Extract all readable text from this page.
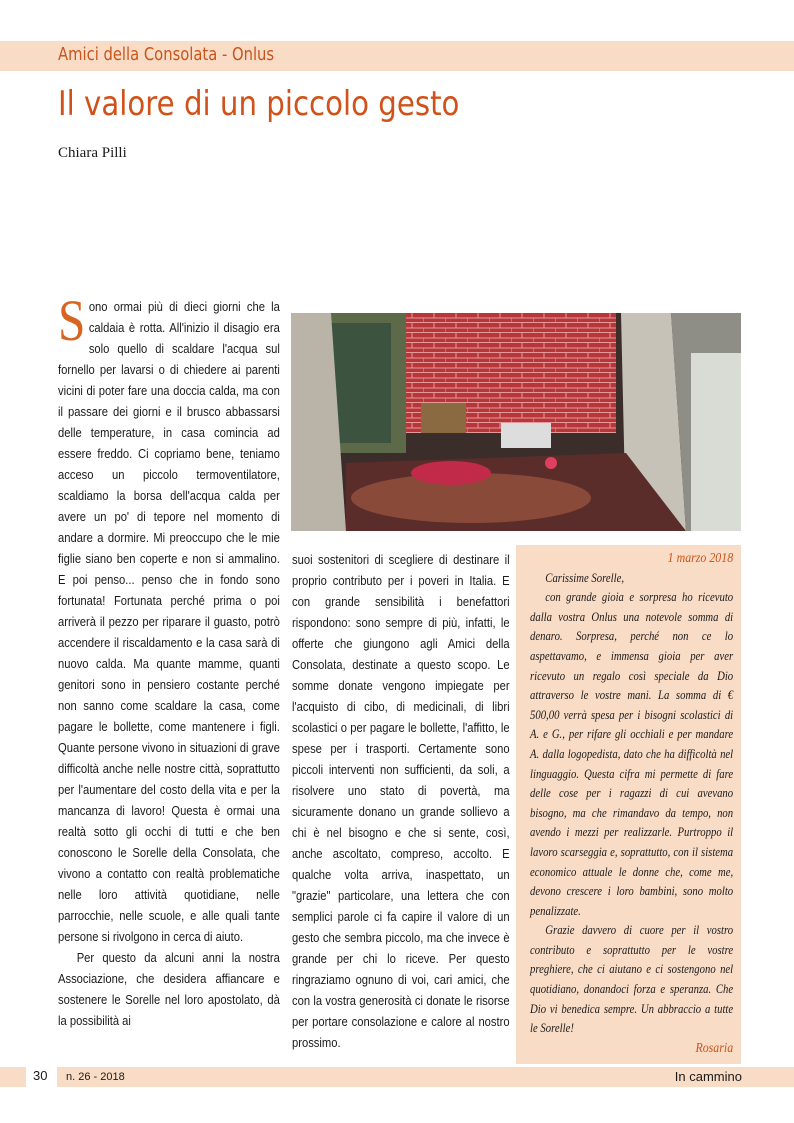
Amici della Consolata - Onlus
Il valore di un piccolo gesto
Chiara Pilli

Sono ormai più di dieci giorni che la caldaia è rotta. All'inizio il disagio era solo quello di scaldare l'acqua sul fornello per lavarsi o di chiedere ai parenti vicini di poter fare una doccia calda, ma con il passare dei giorni e il brusco abbassarsi delle temperature, in casa comincia ad essere freddo. Ci copriamo bene, teniamo acceso un piccolo termoventilatore, scaldiamo la borsa dell'acqua calda per avere un po' di tepore nel momento di andare a dormire. Mi preoccupo che le mie figlie siano ben coperte e non si ammalino. E poi penso... penso che in fondo sono fortunata! Fortunata perché prima o poi arriverà il pezzo per riparare il guasto, potrò accendere il riscaldamento e la casa sarà di nuovo calda. Ma quante mamme, quanti genitori sono in pensiero costante perché non sanno come scaldare la casa, come pagare le bollette, come mantenere i figli. Quante persone vivono in situazioni di grave difficoltà anche nelle nostre città, soprattutto per l'aumentare del costo della vita e per la mancanza di lavoro! Questa è ormai una realtà sotto gli occhi di tutti e che ben conoscono le Sorelle della Consolata, che vivono a contatto con realtà problematiche nelle loro attività quotidiane, nelle parrocchie, nelle scuole, e alle quali tante persone si rivolgono in cerca di aiuto.

Per questo da alcuni anni la nostra Associazione, che desidera affiancare e sostenere le Sorelle nel loro apostolato, dà la possibilità ai

suoi sostenitori di scegliere di destinare il proprio contributo per i poveri in Italia. E con grande sensibilità i benefattori rispondono: sono sempre di più, infatti, le offerte che giungono agli Amici della Consolata, destinate a questo scopo. Le somme donate vengono impiegate per l'acquisto di cibo, di medicinali, di libri scolastici o per pagare le bollette, l'affitto, le spese per i trasporti. Certamente sono piccoli interventi non sufficienti, da soli, a risolvere uno stato di povertà, ma sicuramente donano un grande sollievo a chi è nel bisogno e che si sente, così, anche ascoltato, compreso, accolto. E qualche volta arriva, inaspettato, un "grazie" particolare, una lettera che con semplici parole ci fa capire il valore di un gesto che sembra piccolo, ma che invece è grande per chi lo riceve. Per questo ringraziamo ognuno di voi, cari amici, che con la vostra generosità ci donate le risorse per portare consolazione e calore al nostro prossimo.

1 marzo 2018

Carissime Sorelle,

con grande gioia e sorpresa ho ricevuto dalla vostra Onlus una notevole somma di denaro. Sorpresa, perché non ce lo aspettavamo, e immensa gioia per aver ricevuto un regalo così speciale da Dio attraverso le vostre mani. La somma di € 500,00 verrà spesa per i bisogni scolastici di A. e G., per rifare gli occhiali e per mandare A. dalla logopedista, dato che ha difficoltà nel linguaggio. Questa cifra mi permette di fare delle cose per i ragazzi di cui avevano bisogno, ma che rimandavo da tempo, non avendo i mezzi per realizzarle. Purtroppo il lavoro scarseggia e, soprattutto, con il sistema economico attuale le donne che, come me, devono crescere i loro bambini, sono molto penalizzate.

Grazie davvero di cuore per il vostro contributo e soprattutto per le vostre preghiere, che ci aiutano e ci sostengono nel quotidiano, donandoci forza e speranza. Che Dio vi benedica sempre. Un abbraccio a tutte le Sorelle!

Rosaria

30 n. 26 - 2018	In cammino
